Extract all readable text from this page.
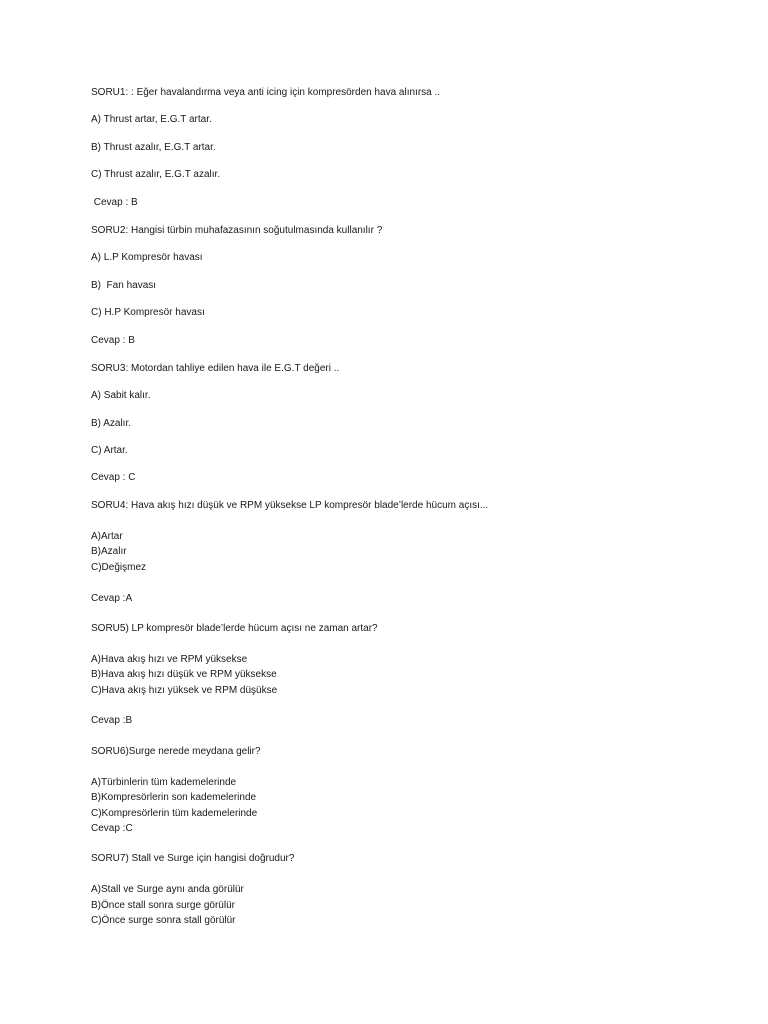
SORU1: : Eğer havalandırma veya anti icing için kompresörden hava alınırsa ..
A) Thrust artar, E.G.T artar.
B) Thrust azalır, E.G.T artar.
C) Thrust azalır, E.G.T azalır.
Cevap : B
SORU2: Hangisi türbin muhafazasının soğutulmasında kullanılır ?
A) L.P Kompresör havası
B)  Fan havası
C) H.P Kompresör havası
Cevap : B
SORU3: Motordan tahliye edilen hava ile E.G.T değeri ..
A) Sabit kalır.
B) Azalır.
C) Artar.
Cevap : C
SORU4: Hava akış hızı düşük ve RPM yüksekse LP kompresör blade’lerde hücum açısı...
A)Artar
B)Azalır
C)Değişmez
Cevap :A
SORU5) LP kompresör blade’lerde hücum açısı ne zaman artar?
A)Hava akış hızı ve RPM yüksekse
B)Hava akış hızı düşük ve RPM yüksekse
C)Hava akış hızı yüksek ve RPM düşükse
Cevap :B
SORU6)Surge nerede meydana gelir?
A)Türbinlerin tüm kademelerinde
B)Kompresörlerin son kademelerinde
C)Kompresörlerin tüm kademelerinde
Cevap :C
SORU7) Stall ve Surge için hangisi doğrudur?
A)Stall ve Surge aynı anda görülür
B)Önce stall sonra surge görülür
C)Önce surge sonra stall görülür
